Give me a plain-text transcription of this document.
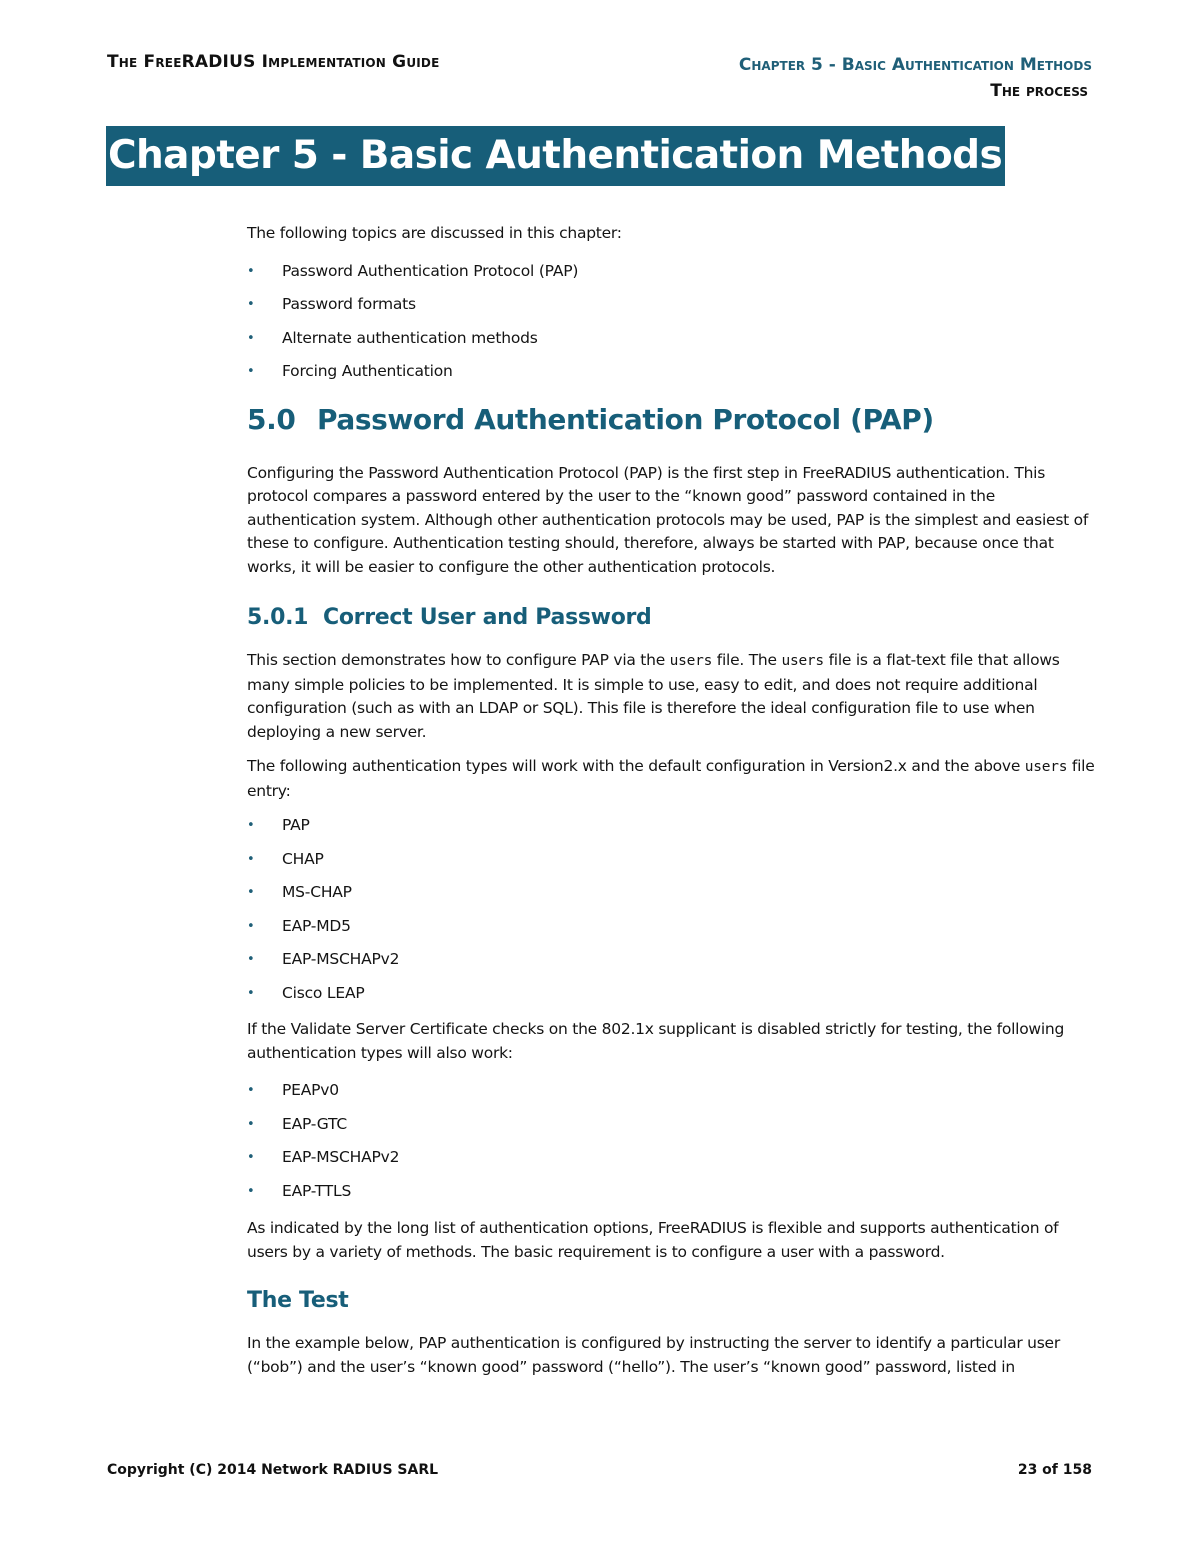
The FreeRADIUS Implementation Guide	Chapter 5 - Basic Authentication Methods
The process
Chapter 5 - Basic Authentication Methods

The following topics are discussed in this chapter:

• Password Authentication Protocol (PAP)
• Password formats
• Alternate authentication methods
• Forcing Authentication
5.0 Password Authentication Protocol (PAP)

Configuring the Password Authentication Protocol (PAP) is the first step in FreeRADIUS authentication. This protocol compares a password entered by the user to the “known good” password contained in the authentication system. Although other authentication protocols may be used, PAP is the simplest and easiest of these to configure. Authentication testing should, therefore, always be started with PAP, because once that works, it will be easier to configure the other authentication protocols.

5.0.1 Correct User and Password

This section demonstrates how to configure PAP via the users file. The users file is a flat-text file that allows many simple policies to be implemented. It is simple to use, easy to edit, and does not require additional configuration (such as with an LDAP or SQL). This file is therefore the ideal configuration file to use when deploying a new server.

The following authentication types will work with the default configuration in Version2.x and the above users file entry:

• PAP
• CHAP
• MS-CHAP
• EAP-MD5
• EAP-MSCHAPv2
• Cisco LEAP

If the Validate Server Certificate checks on the 802.1x supplicant is disabled strictly for testing, the following authentication types will also work:

• PEAPv0
• EAP-GTC
• EAP-MSCHAPv2
• EAP-TTLS

As indicated by the long list of authentication options, FreeRADIUS is flexible and supports authentication of users by a variety of methods. The basic requirement is to configure a user with a password.

The Test

In the example below, PAP authentication is configured by instructing the server to identify a particular user (“bob”) and the user’s “known good” password (“hello”). The user’s “known good” password, listed in

Copyright (C) 2014 Network RADIUS SARL	23 of 158
